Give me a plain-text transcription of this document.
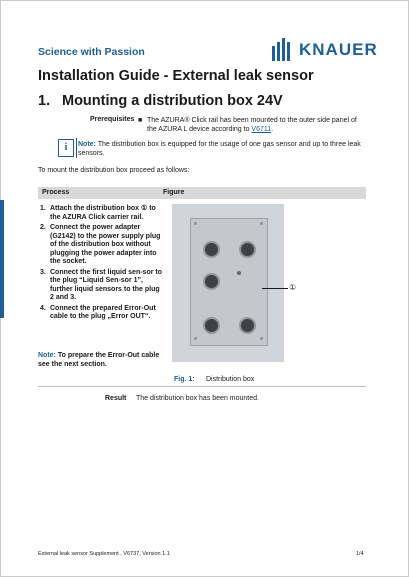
Science with Passion	KNAUER
Installation Guide - External leak sensor
1. Mounting a distribution box 24V
Prerequisites ■ The AZURA® Click rail has been mounted to the outer side panel of the AZURA L device according to V6711.
i	Note: The distribution box is equipped for the usage of one gas sensor and up to three leak sensors.
To mount the distribution box proceed as follows:
Process	Figure
1. Attach the distribution box ① to the AZURA Click carrier rail.
2. Connect the power adapter (G2142) to the power supply plug of the distribution box without plugging the power adapter into the socket.
3. Connect the first liquid sen-sor to the plug “Liquid Sen-sor 1”, further liquid sensors to the plug 2 and 3.
4. Connect the prepared Error-Out cable to the plug „Error OUT“.
Note: To prepare the Error-Out cable see the next section.
①
Fig. 1: Distribution box
Result The distribution box has been mounted.
External leak sensor Supplement , V6737, Version 1.1	1/4
